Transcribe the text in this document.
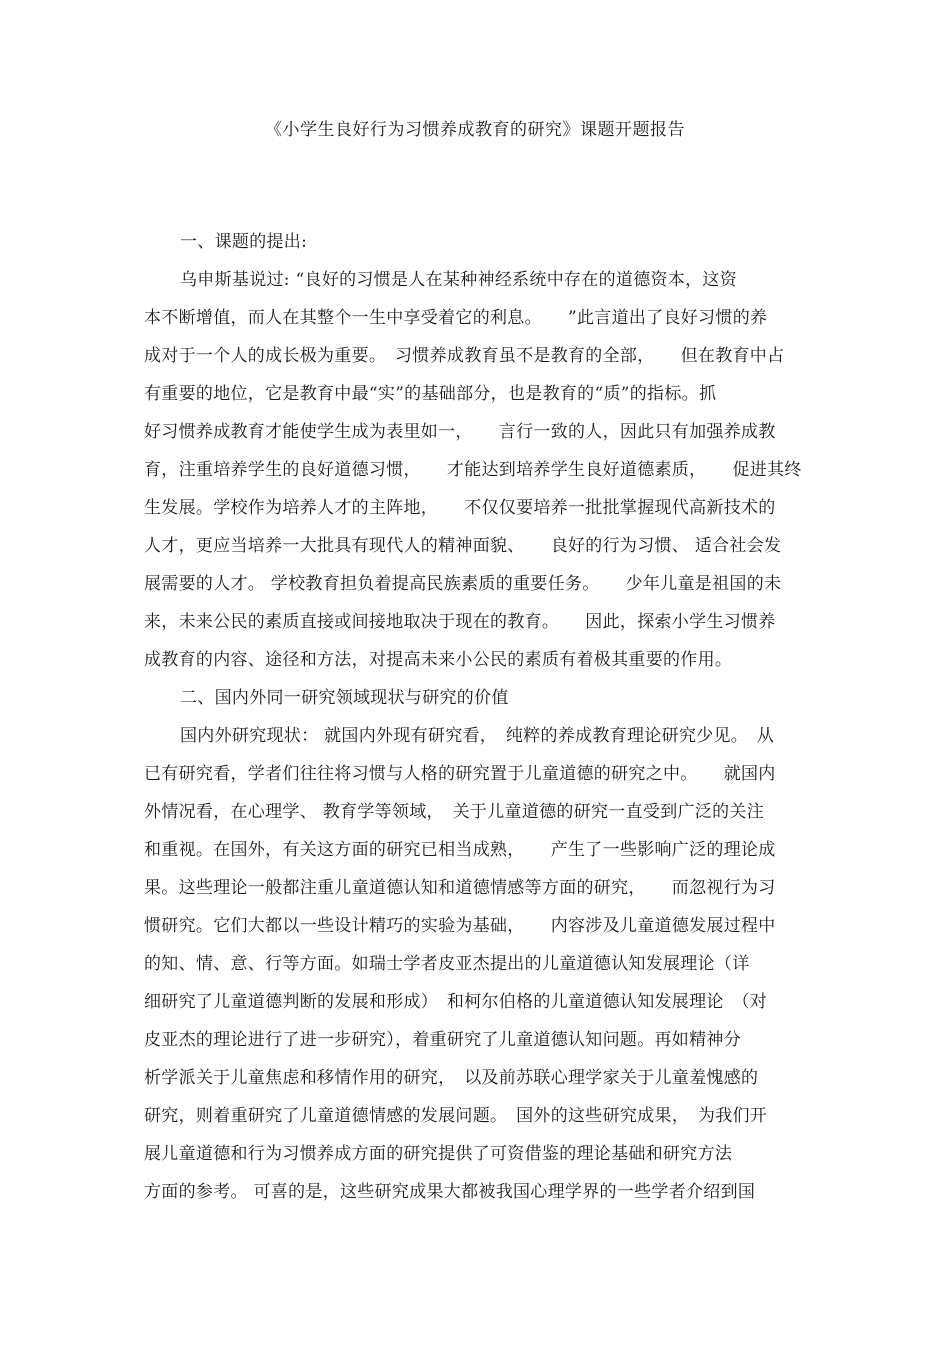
《小学生良好行为习惯养成教育的研究》课题开题报告
一、课题的提出:
乌申斯基说过: “良好的习惯是人在某种神经系统中存在的道德资本，这资
本不断增值，而人在其整个一生中享受着它的利息。　　”此言道出了良好习惯的养
成对于一个人的成长极为重要。　习惯养成教育虽不是教育的全部，　　但在教育中占
有重要的地位，它是教育中最“实”的基础部分，也是教育的“质”的指标。抓
好习惯养成教育才能使学生成为表里如一，　　言行一致的人，因此只有加强养成教
育，注重培养学生的良好道德习惯，　　才能达到培养学生良好道德素质，　　促进其终
生发展。学校作为培养人才的主阵地，　　不仅仅要培养一批批掌握现代高新技术的
人才，更应当培养一大批具有现代人的精神面貌、　　良好的行为习惯、 适合社会发
展需要的人才。 学校教育担负着提高民族素质的重要任务。　　少年儿童是祖国的未
来，未来公民的素质直接或间接地取决于现在的教育。　　因此，探索小学生习惯养
成教育的内容、途径和方法，对提高未来小公民的素质有着极其重要的作用。
二、国内外同一研究领域现状与研究的价值
国内外研究现状： 就国内外现有研究看，　纯粹的养成教育理论研究少见。　从
已有研究看，学者们往往将习惯与人格的研究置于儿童道德的研究之中。　　就国内
外情况看，在心理学、 教育学等领域，　关于儿童道德的研究一直受到广泛的关注
和重视。在国外，有关这方面的研究已相当成熟，　　产生了一些影响广泛的理论成
果。这些理论一般都注重儿童道德认知和道德情感等方面的研究，　　而忽视行为习
惯研究。它们大都以一些设计精巧的实验为基础，　　内容涉及儿童道德发展过程中
的知、情、意、行等方面。如瑞士学者皮亚杰提出的儿童道德认知发展理论（详
细研究了儿童道德判断的发展和形成）　和柯尔伯格的儿童道德认知发展理论　（对
皮亚杰的理论进行了进一步研究），着重研究了儿童道德认知问题。再如精神分
析学派关于儿童焦虑和移情作用的研究，　以及前苏联心理学家关于儿童羞愧感的
研究，则着重研究了儿童道德情感的发展问题。　国外的这些研究成果，　为我们开
展儿童道德和行为习惯养成方面的研究提供了可资借鉴的理论基础和研究方法
方面的参考。 可喜的是，这些研究成果大都被我国心理学界的一些学者介绍到国
